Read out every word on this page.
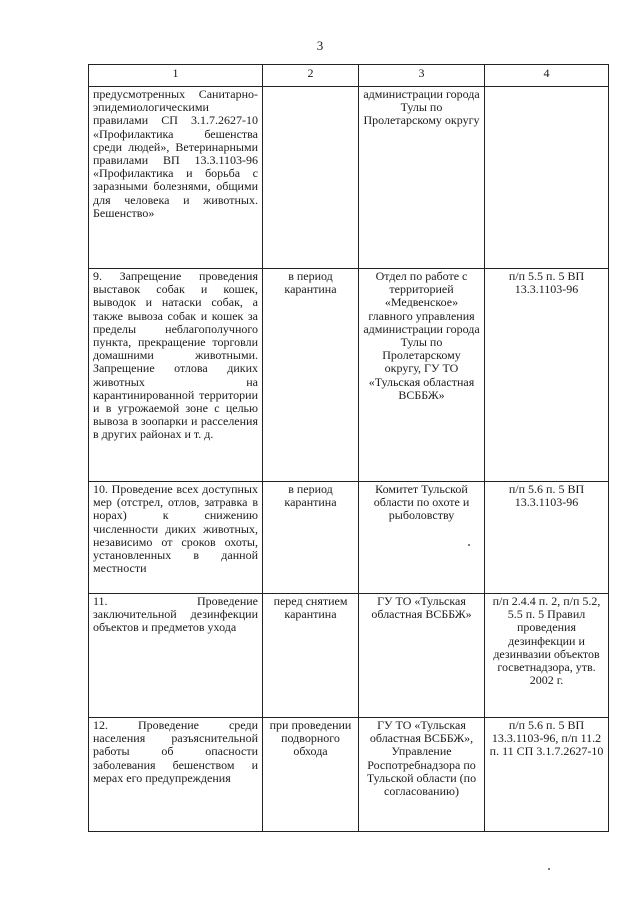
3
1	2	3	4
предусмотренных Санитарно-эпидемиологическими правилами СП 3.1.7.2627-10 «Профилактика бешенства среди людей», Ветеринарными правилами ВП 13.3.1103-96 «Профилактика и борьба с заразными болезнями, общими для человека и животных. Бешенство»		администрации города Тулы по Пролетарскому округу	
9. Запрещение проведения выставок собак и кошек, выводок и натаски собак, а также вывоза собак и кошек за пределы неблагополучного пункта, прекращение торговли домашними животными. Запрещение отлова диких животных на карантинированной территории и в угрожаемой зоне с целью вывоза в зоопарки и расселения в других районах и т. д.	в период карантина	Отдел по работе с территорией «Медвенское» главного управления администрации города Тулы по Пролетарскому округу, ГУ ТО «Тульская областная ВСББЖ»	п/п 5.5 п. 5 ВП 13.3.1103-96
10. Проведение всех доступных мер (отстрел, отлов, затравка в норах) к снижению численности диких животных, независимо от сроков охоты, установленных в данной местности	в период карантина	Комитет Тульской области по охоте и рыболовству	п/п 5.6 п. 5 ВП 13.3.1103-96
11. Проведение заключительной дезинфекции объектов и предметов ухода	перед снятием карантина	ГУ ТО «Тульская областная ВСББЖ»	п/п 2.4.4 п. 2, п/п 5.2, 5.5 п. 5 Правил проведения дезинфекции и дезинвазии объектов госветнадзора, утв. 2002 г.
12. Проведение среди населения разъяснительной работы об опасности заболевания бешенством и мерах его предупреждения	при проведении подворного обхода	ГУ ТО «Тульская областная ВСББЖ», Управление Роспотребнадзора по Тульской области (по согласованию)	п/п 5.6 п. 5 ВП 13.3.1103-96, п/п 11.2 п. 11 СП 3.1.7.2627-10
